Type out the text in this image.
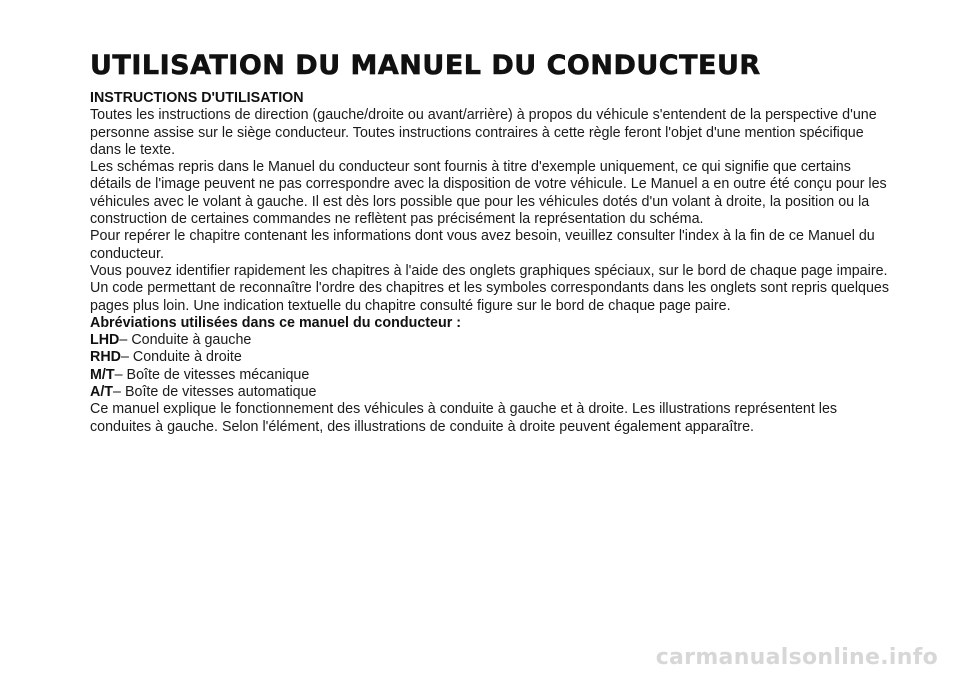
UTILISATION DU MANUEL DU CONDUCTEUR
INSTRUCTIONS D'UTILISATION

Toutes les instructions de direction (gauche/droite ou avant/arrière) à propos du véhicule s'entendent de la perspective d'une personne assise sur le siège conducteur. Toutes instructions contraires à cette règle feront l'objet d'une mention spécifique dans le texte.

Les schémas repris dans le Manuel du conducteur sont fournis à titre d'exemple uniquement, ce qui signifie que certains détails de l'image peuvent ne pas correspondre avec la disposition de votre véhicule. Le Manuel a en outre été conçu pour les véhicules avec le volant à gauche. Il est dès lors possible que pour les véhicules dotés d'un volant à droite, la position ou la construction de certaines commandes ne reflètent pas précisément la représentation du schéma.

Pour repérer le chapitre contenant les informations dont vous avez besoin, veuillez consulter l'index à la fin de ce Manuel du conducteur.

Vous pouvez identifier rapidement les chapitres à l'aide des onglets graphiques spéciaux, sur le bord de chaque page impaire. Un code permettant de reconnaître l'ordre des chapitres et les symboles correspondants dans les onglets sont repris quelques pages plus loin. Une indication textuelle du chapitre consulté figure sur le bord de chaque page paire.

Abréviations utilisées dans ce manuel du conducteur :

LHD– Conduite à gauche

RHD– Conduite à droite

M/T– Boîte de vitesses mécanique

A/T– Boîte de vitesses automatique

Ce manuel explique le fonctionnement des véhicules à conduite à gauche et à droite. Les illustrations représentent les conduites à gauche. Selon l'élément, des illustrations de conduite à droite peuvent également apparaître.

carmanualsonline.info
